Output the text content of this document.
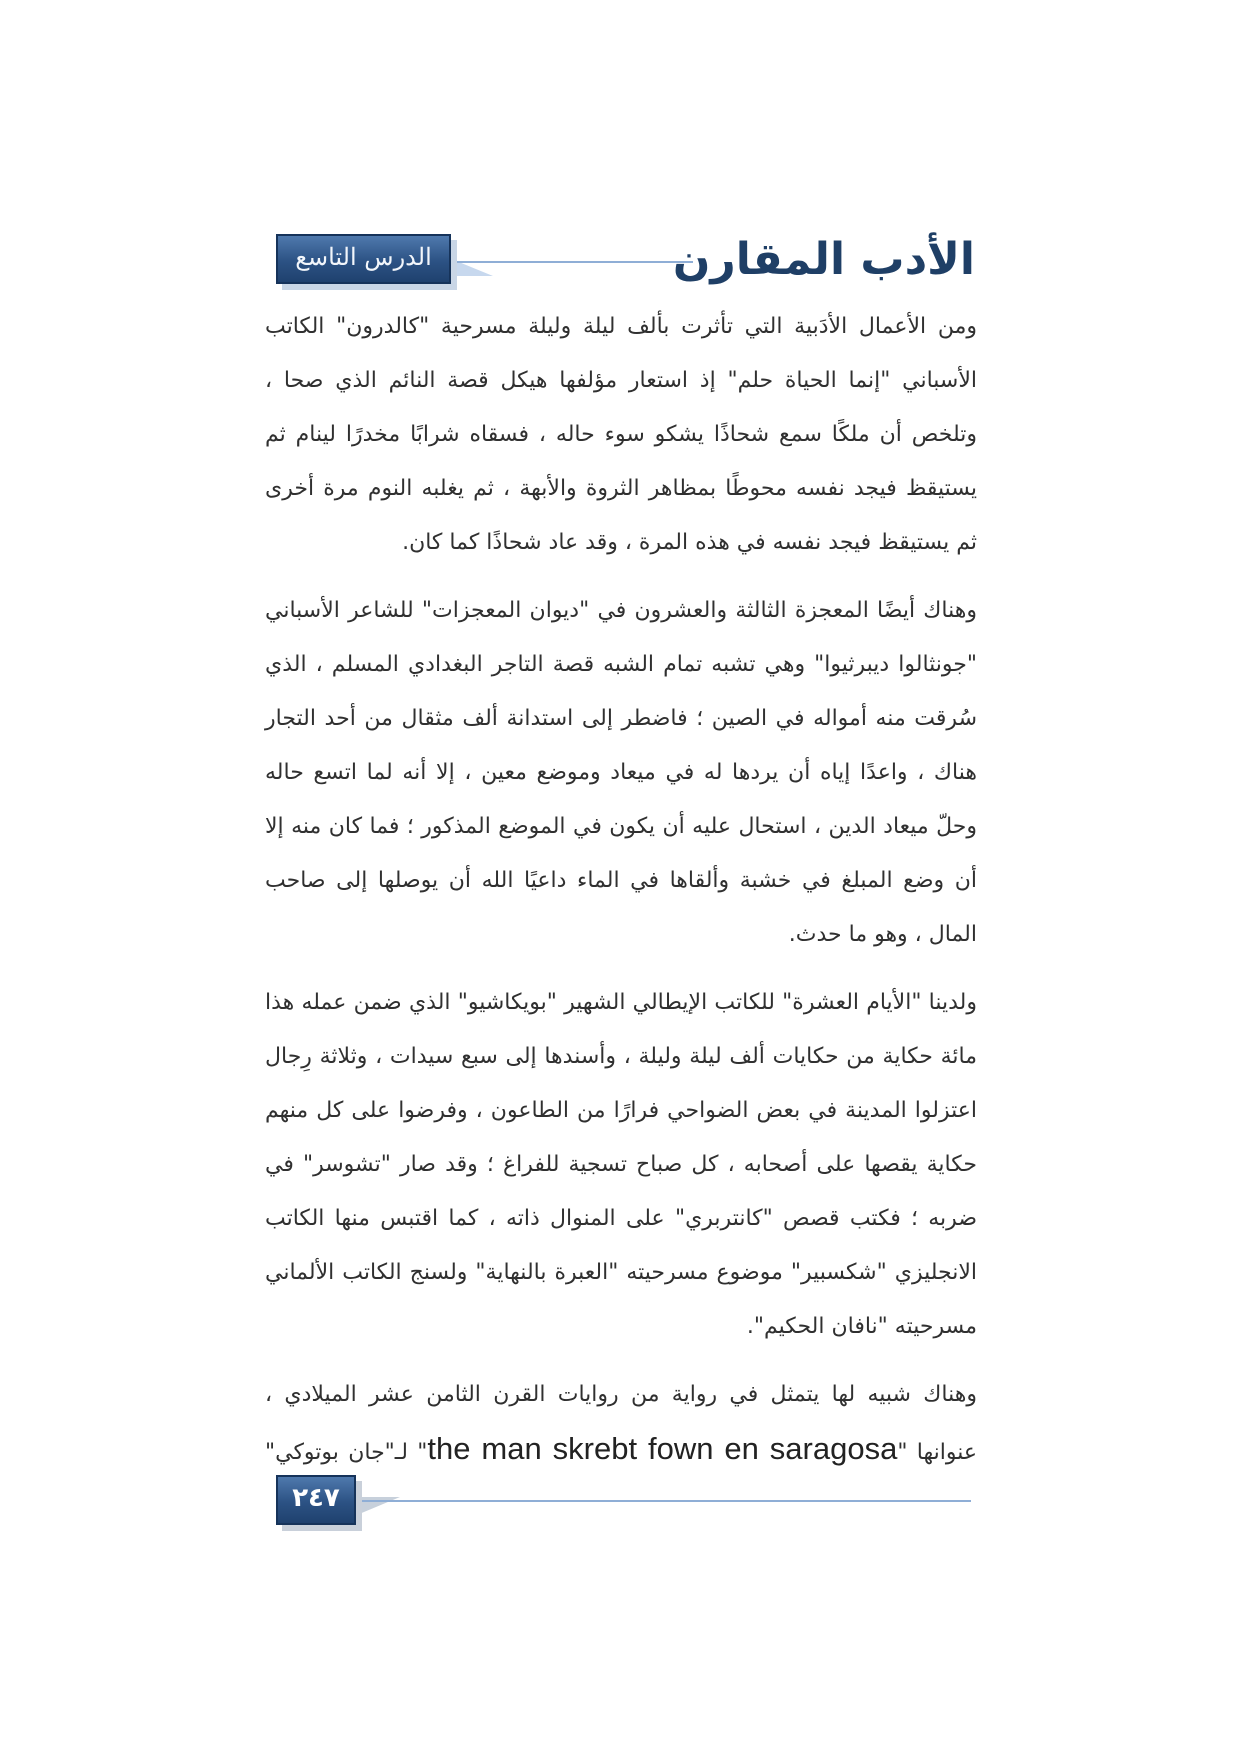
الأدب المقارن
الدرس التاسع

ومن الأعمال الأدَبية التي تأثرت بألف ليلة وليلة مسرحية "كالدرون" الكاتب الأسباني "إنما الحياة حلم" إذ استعار مؤلفها هيكل قصة النائم الذي صحا ، وتلخص أن ملكًا سمع شحاذًا يشكو سوء حاله ، فسقاه شرابًا مخدرًا لينام ثم يستيقظ فيجد نفسه محوطًا بمظاهر الثروة والأبهة ، ثم يغلبه النوم مرة أخرى ثم يستيقظ فيجد نفسه في هذه المرة ، وقد عاد شحاذًا كما كان.

وهناك أيضًا المعجزة الثالثة والعشرون في "ديوان المعجزات" للشاعر الأسباني "جونثالوا ديبرثيوا" وهي تشبه تمام الشبه قصة التاجر البغدادي المسلم ، الذي سُرقت منه أمواله في الصين ؛ فاضطر إلى استدانة ألف مثقال من أحد التجار هناك ، واعدًا إياه أن يردها له في ميعاد وموضع معين ، إلا أنه لما اتسع حاله وحلّ ميعاد الدين ، استحال عليه أن يكون في الموضع المذكور ؛ فما كان منه إلا أن وضع المبلغ في خشبة وألقاها في الماء داعيًا الله أن يوصلها إلى صاحب المال ، وهو ما حدث.

ولدينا "الأيام العشرة" للكاتب الإيطالي الشهير "بويكاشيو" الذي ضمن عمله هذا مائة حكاية من حكايات ألف ليلة وليلة ، وأسندها إلى سبع سيدات ، وثلاثة رِجال اعتزلوا المدينة في بعض الضواحي فرارًا من الطاعون ، وفرضوا على كل منهم حكاية يقصها على أصحابه ، كل صباح تسجية للفراغ ؛ وقد صار "تشوسر" في ضربه ؛ فكتب قصص "كانتربري" على المنوال ذاته ، كما اقتبس منها الكاتب الانجليزي "شكسبير" موضوع مسرحيته "العبرة بالنهاية" ولسنج الكاتب الألماني مسرحيته "نافان الحكيم".

وهناك شبيه لها يتمثل في رواية من روايات القرن الثامن عشر الميلادي ، عنوانها "the man skrebt fown en saragosa" لـ"جان بوتوكي"

٢٤٧
